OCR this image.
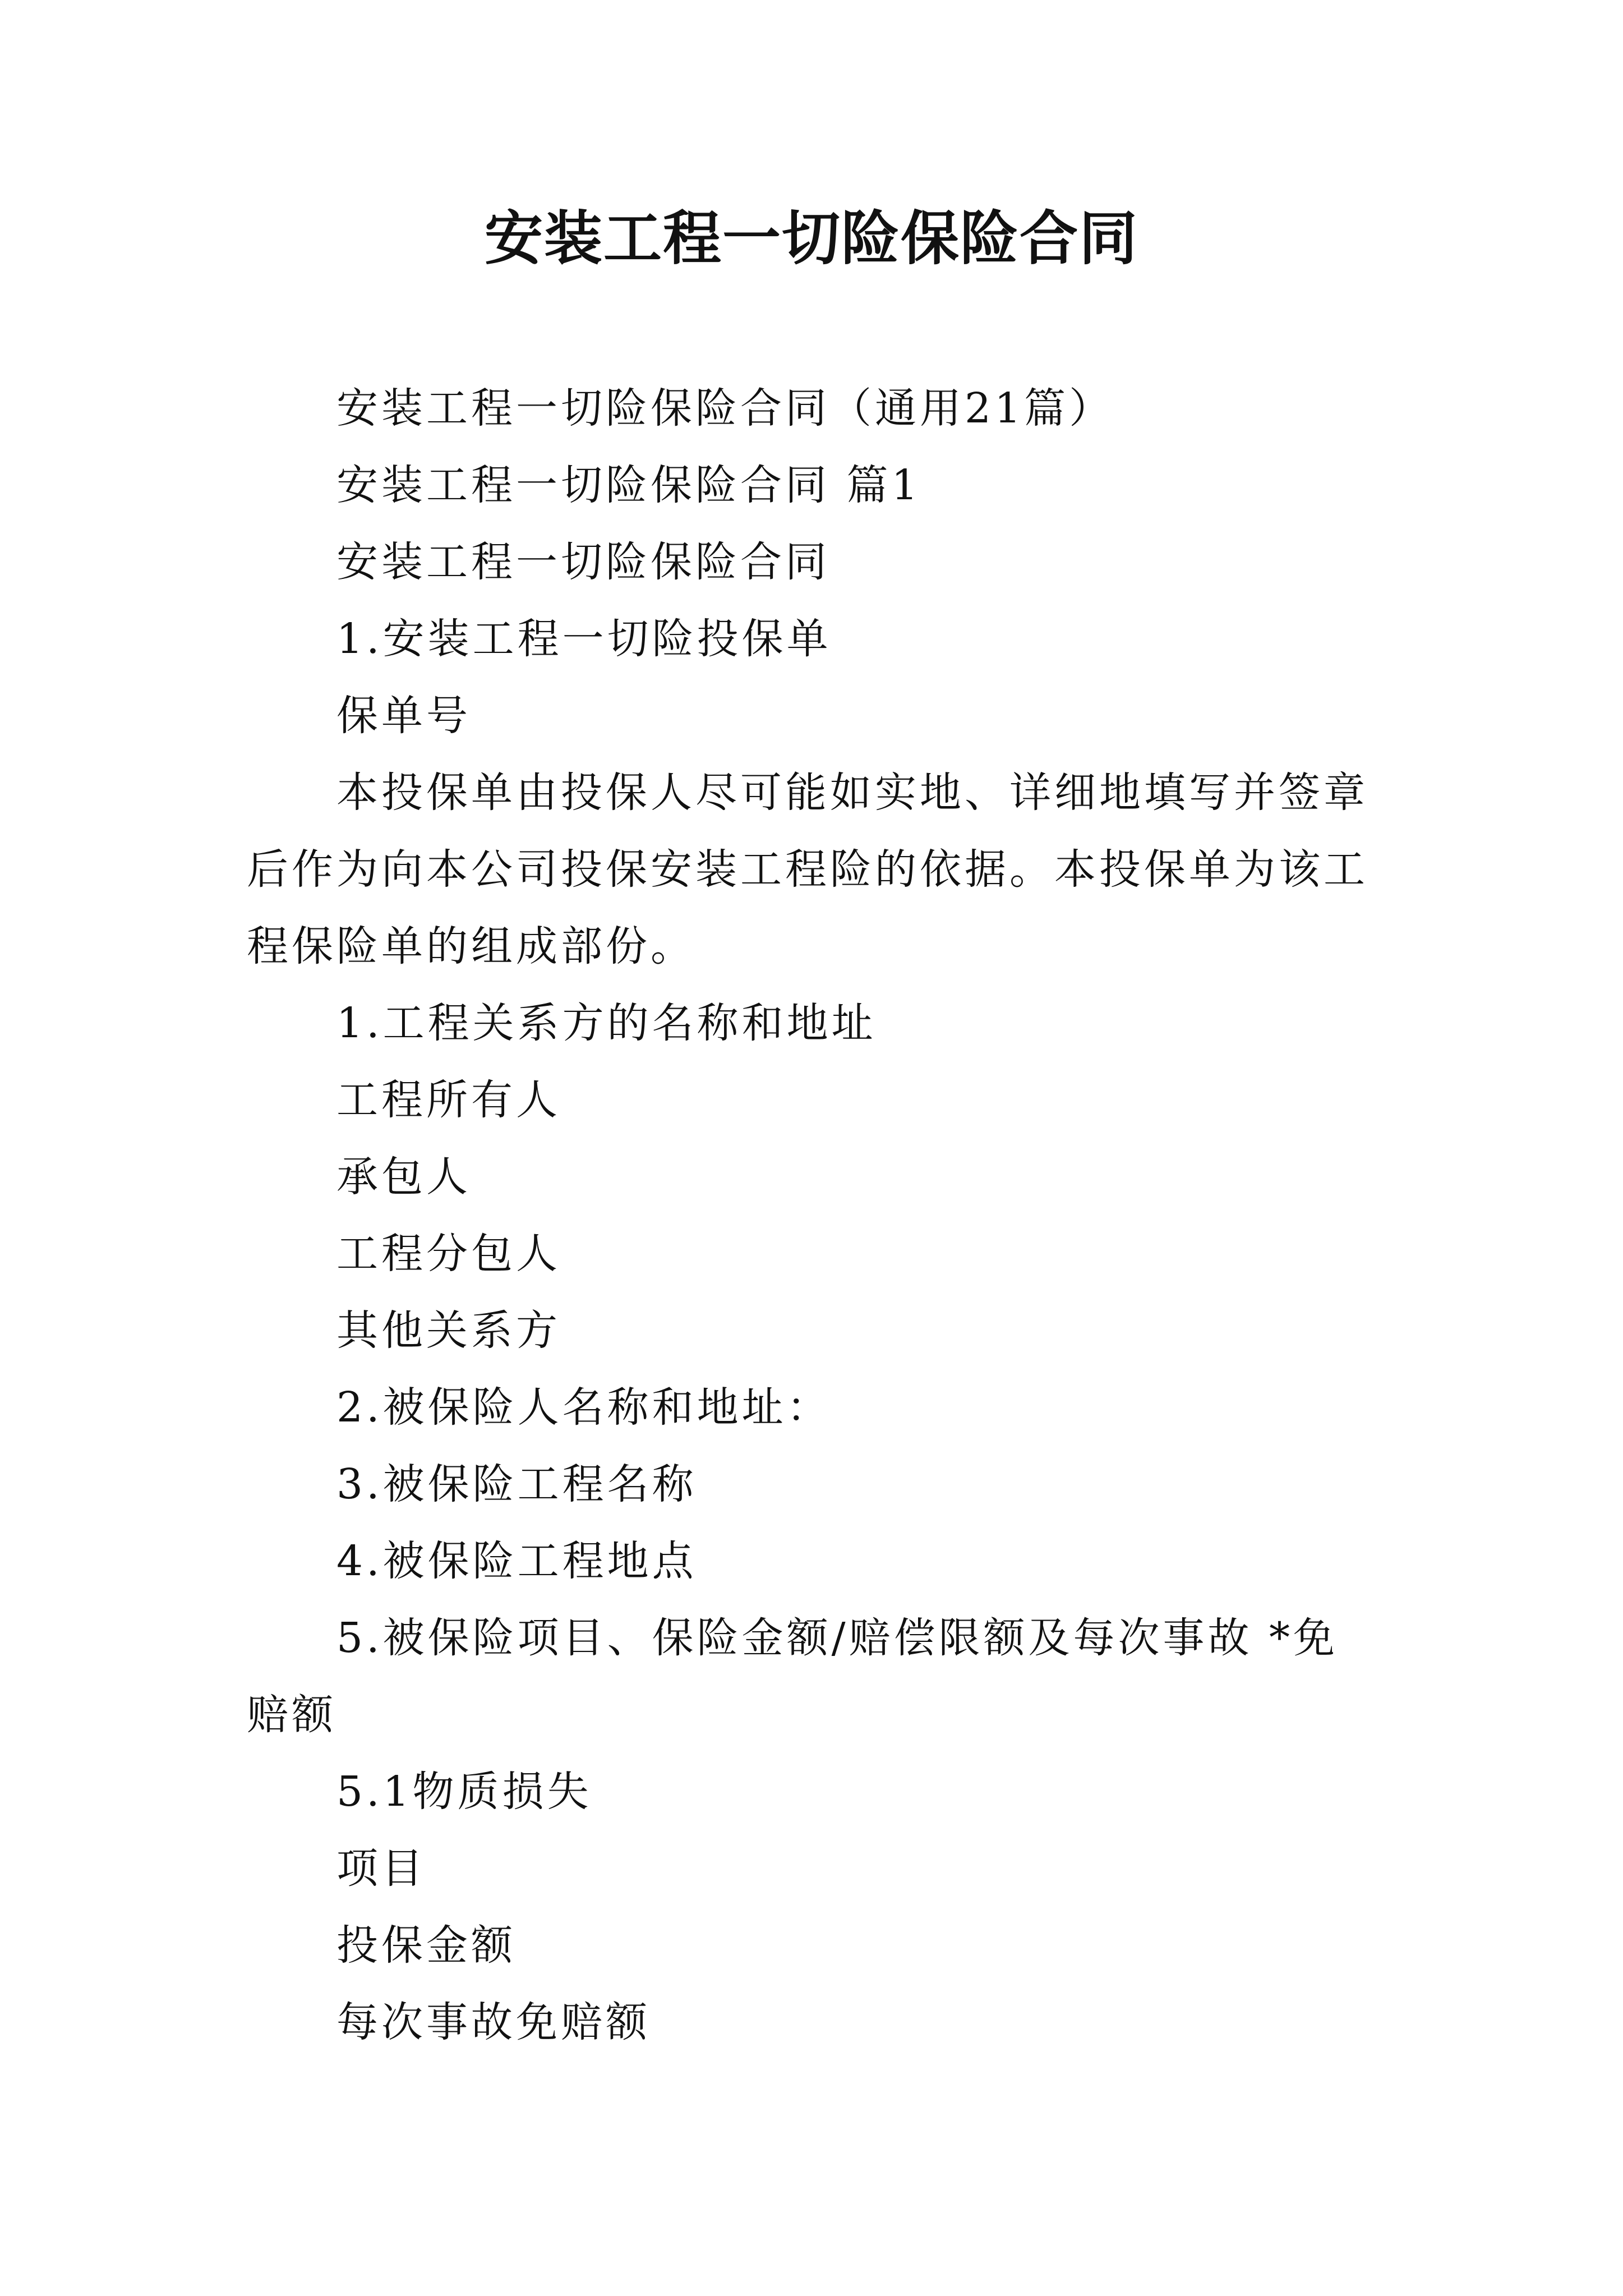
安装工程一切险保险合同
安装工程一切险保险合同（通用21篇）
安装工程一切险保险合同 篇1
安装工程一切险保险合同
1.安装工程一切险投保单
保单号
本投保单由投保人尽可能如实地、详细地填写并签章后作为向本公司投保安装工程险的依据。本投保单为该工程保险单的组成部份。
1.工程关系方的名称和地址
工程所有人
承包人
工程分包人
其他关系方
2.被保险人名称和地址：
3.被保险工程名称
4.被保险工程地点
5.被保险项目、保险金额/赔偿限额及每次事故 *免赔额
5.1物质损失
项目
投保金额
每次事故免赔额
